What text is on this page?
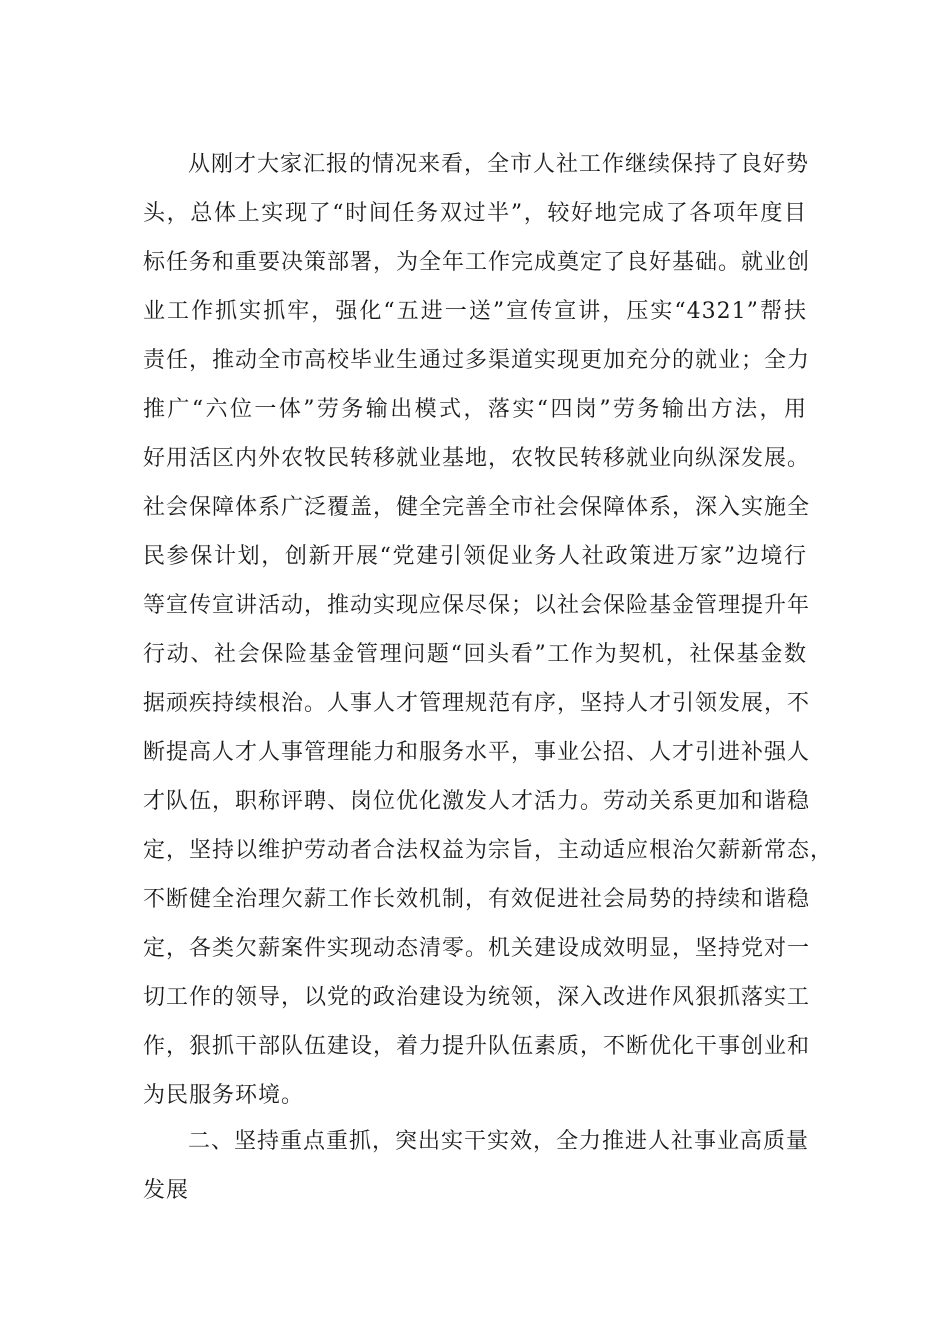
从刚才大家汇报的情况来看，全市人社工作继续保持了良好势
头，总体上实现了“时间任务双过半”，较好地完成了各项年度目
标任务和重要决策部署，为全年工作完成奠定了良好基础。就业创
业工作抓实抓牢，强化“五进一送”宣传宣讲，压实“4321”帮扶
责任，推动全市高校毕业生通过多渠道实现更加充分的就业；全力
推广“六位一体”劳务输出模式，落实“四岗”劳务输出方法，用
好用活区内外农牧民转移就业基地，农牧民转移就业向纵深发展。
社会保障体系广泛覆盖，健全完善全市社会保障体系，深入实施全
民参保计划，创新开展“党建引领促业务人社政策进万家”边境行
等宣传宣讲活动，推动实现应保尽保；以社会保险基金管理提升年
行动、社会保险基金管理问题“回头看”工作为契机，社保基金数
据顽疾持续根治。人事人才管理规范有序，坚持人才引领发展，不
断提高人才人事管理能力和服务水平，事业公招、人才引进补强人
才队伍，职称评聘、岗位优化激发人才活力。劳动关系更加和谐稳
定，坚持以维护劳动者合法权益为宗旨，主动适应根治欠薪新常态，
不断健全治理欠薪工作长效机制，有效促进社会局势的持续和谐稳
定，各类欠薪案件实现动态清零。机关建设成效明显，坚持党对一
切工作的领导，以党的政治建设为统领，深入改进作风狠抓落实工
作，狠抓干部队伍建设，着力提升队伍素质，不断优化干事创业和
为民服务环境。
二、坚持重点重抓，突出实干实效，全力推进人社事业高质量
发展
